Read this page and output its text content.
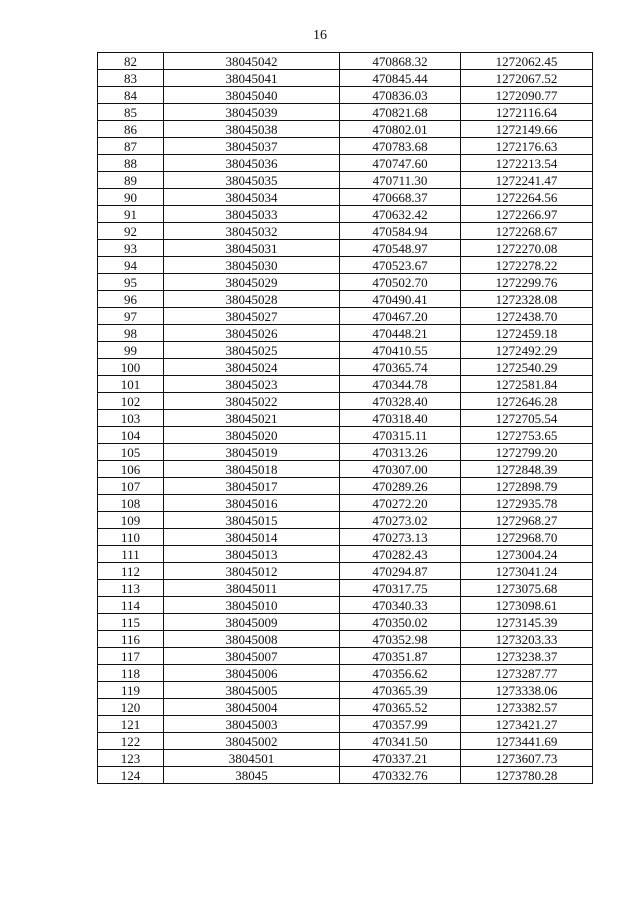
16
82	38045042	470868.32	1272062.45
83	38045041	470845.44	1272067.52
84	38045040	470836.03	1272090.77
85	38045039	470821.68	1272116.64
86	38045038	470802.01	1272149.66
87	38045037	470783.68	1272176.63
88	38045036	470747.60	1272213.54
89	38045035	470711.30	1272241.47
90	38045034	470668.37	1272264.56
91	38045033	470632.42	1272266.97
92	38045032	470584.94	1272268.67
93	38045031	470548.97	1272270.08
94	38045030	470523.67	1272278.22
95	38045029	470502.70	1272299.76
96	38045028	470490.41	1272328.08
97	38045027	470467.20	1272438.70
98	38045026	470448.21	1272459.18
99	38045025	470410.55	1272492.29
100	38045024	470365.74	1272540.29
101	38045023	470344.78	1272581.84
102	38045022	470328.40	1272646.28
103	38045021	470318.40	1272705.54
104	38045020	470315.11	1272753.65
105	38045019	470313.26	1272799.20
106	38045018	470307.00	1272848.39
107	38045017	470289.26	1272898.79
108	38045016	470272.20	1272935.78
109	38045015	470273.02	1272968.27
110	38045014	470273.13	1272968.70
111	38045013	470282.43	1273004.24
112	38045012	470294.87	1273041.24
113	38045011	470317.75	1273075.68
114	38045010	470340.33	1273098.61
115	38045009	470350.02	1273145.39
116	38045008	470352.98	1273203.33
117	38045007	470351.87	1273238.37
118	38045006	470356.62	1273287.77
119	38045005	470365.39	1273338.06
120	38045004	470365.52	1273382.57
121	38045003	470357.99	1273421.27
122	38045002	470341.50	1273441.69
123	3804501	470337.21	1273607.73
124	38045	470332.76	1273780.28
